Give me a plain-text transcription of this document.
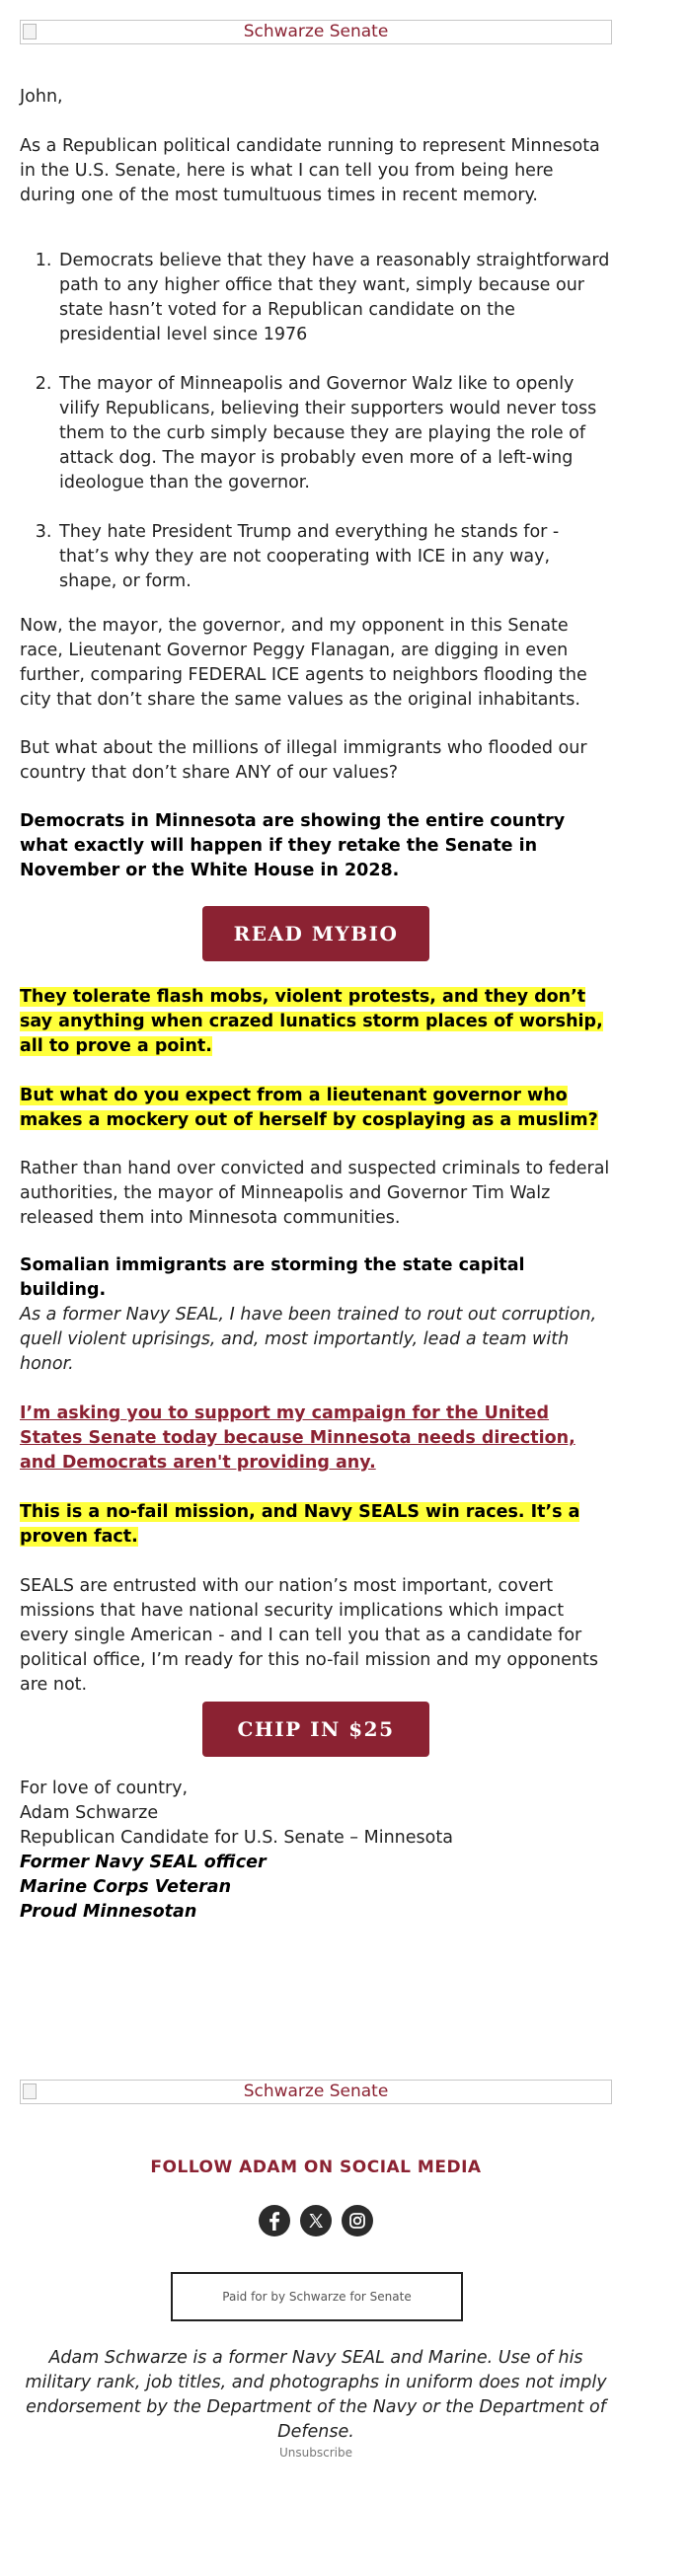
Schwarze Senate

John,

As a Republican political candidate running to represent Minnesota in the U.S. Senate, here is what I can tell you from being here during one of the most tumultuous times in recent memory.

1. Democrats believe that they have a reasonably straightforward path to any higher office that they want, simply because our state hasn’t voted for a Republican candidate on the presidential level since 1976
2. The mayor of Minneapolis and Governor Walz like to openly vilify Republicans, believing their supporters would never toss them to the curb simply because they are playing the role of attack dog. The mayor is probably even more of a left-wing ideologue than the governor.
3. They hate President Trump and everything he stands for - that’s why they are not cooperating with ICE in any way, shape, or form.

Now, the mayor, the governor, and my opponent in this Senate race, Lieutenant Governor Peggy Flanagan, are digging in even further, comparing FEDERAL ICE agents to neighbors flooding the city that don’t share the same values as the original inhabitants.

But what about the millions of illegal immigrants who flooded our country that don’t share ANY of our values?

Democrats in Minnesota are showing the entire country what exactly will happen if they retake the Senate in November or the White House in 2028.

READ MYBIO

They tolerate flash mobs, violent protests, and they don’t say anything when crazed lunatics storm places of worship, all to prove a point.

But what do you expect from a lieutenant governor who makes a mockery out of herself by cosplaying as a muslim?

Rather than hand over convicted and suspected criminals to federal authorities, the mayor of Minneapolis and Governor Tim Walz released them into Minnesota communities.

Somalian immigrants are storming the state capital building.

As a former Navy SEAL, I have been trained to rout out corruption, quell violent uprisings, and, most importantly, lead a team with honor.

I’m asking you to support my campaign for the United States Senate today because Minnesota needs direction, and Democrats aren't providing any.

This is a no-fail mission, and Navy SEALS win races. It’s a proven fact.

SEALS are entrusted with our nation’s most important, covert missions that have national security implications which impact every single American - and I can tell you that as a candidate for political office, I’m ready for this no-fail mission and my opponents are not.

CHIP IN $25

For love of country,

Adam Schwarze

Republican Candidate for U.S. Senate – Minnesota

Former Navy SEAL officer

Marine Corps Veteran

Proud Minnesotan

Schwarze Senate
FOLLOW ADAM ON SOCIAL MEDIA
Paid for by Schwarze for Senate
Adam Schwarze is a former Navy SEAL and Marine. Use of his military rank, job titles, and photographs in uniform does not imply endorsement by the Department of the Navy or the Department of Defense.
Unsubscribe
